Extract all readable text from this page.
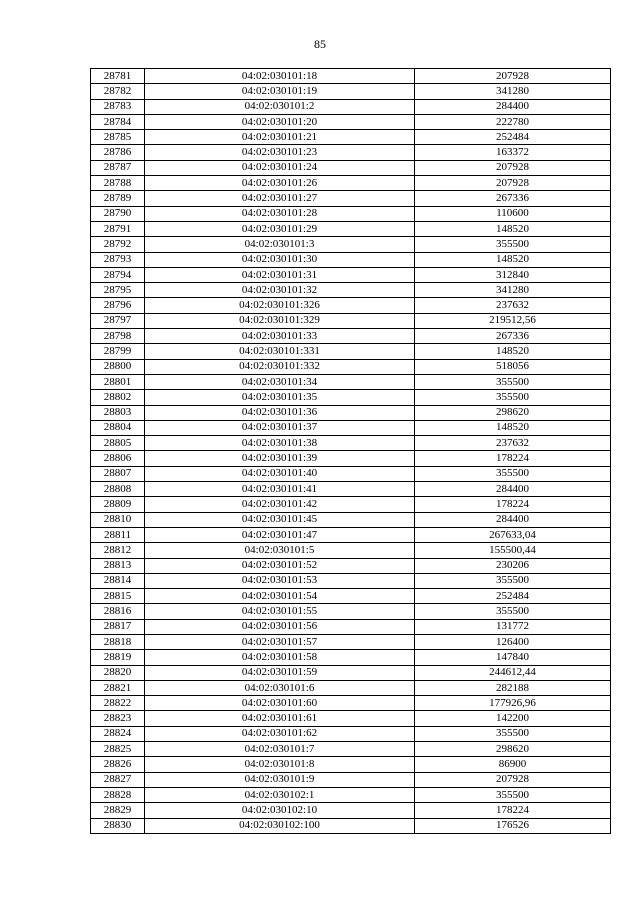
85
28781	04:02:030101:18	207928
28782	04:02:030101:19	341280
28783	04:02:030101:2	284400
28784	04:02:030101:20	222780
28785	04:02:030101:21	252484
28786	04:02:030101:23	163372
28787	04:02:030101:24	207928
28788	04:02:030101:26	207928
28789	04:02:030101:27	267336
28790	04:02:030101:28	110600
28791	04:02:030101:29	148520
28792	04:02:030101:3	355500
28793	04:02:030101:30	148520
28794	04:02:030101:31	312840
28795	04:02:030101:32	341280
28796	04:02:030101:326	237632
28797	04:02:030101:329	219512,56
28798	04:02:030101:33	267336
28799	04:02:030101:331	148520
28800	04:02:030101:332	518056
28801	04:02:030101:34	355500
28802	04:02:030101:35	355500
28803	04:02:030101:36	298620
28804	04:02:030101:37	148520
28805	04:02:030101:38	237632
28806	04:02:030101:39	178224
28807	04:02:030101:40	355500
28808	04:02:030101:41	284400
28809	04:02:030101:42	178224
28810	04:02:030101:45	284400
28811	04:02:030101:47	267633,04
28812	04:02:030101:5	155500,44
28813	04:02:030101:52	230206
28814	04:02:030101:53	355500
28815	04:02:030101:54	252484
28816	04:02:030101:55	355500
28817	04:02:030101:56	131772
28818	04:02:030101:57	126400
28819	04:02:030101:58	147840
28820	04:02:030101:59	244612,44
28821	04:02:030101:6	282188
28822	04:02:030101:60	177926,96
28823	04:02:030101:61	142200
28824	04:02:030101:62	355500
28825	04:02:030101:7	298620
28826	04:02:030101:8	86900
28827	04:02:030101:9	207928
28828	04:02:030102:1	355500
28829	04:02:030102:10	178224
28830	04:02:030102:100	176526
